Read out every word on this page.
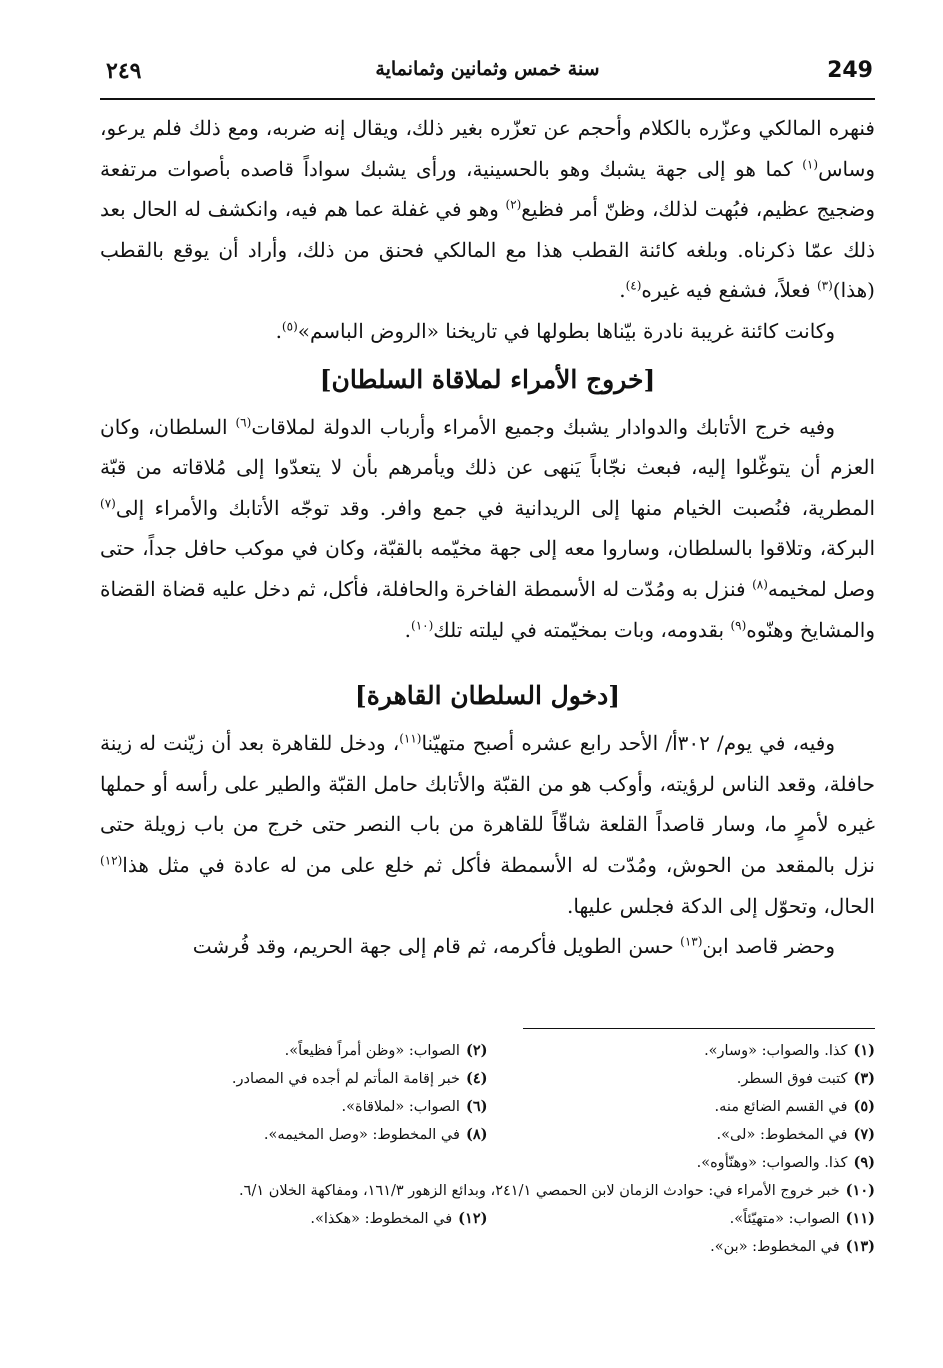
٢٤٩	سنة خمس وثمانين وثمانماية	249

فنهره المالكي وعزّره بالكلام وأحجم عن تعزّره بغير ذلك، ويقال إنه ضربه، ومع ذلك فلم يرعو، وساس$^{(١)}$ كما هو إلى جهة يشبك وهو بالحسينية، ورأى يشبك سواداً قاصده بأصوات مرتفعة وضجيج عظيم، فبُهت لذلك، وظنّ أمر فظيع$^{(٢)}$ وهو في غفلة عما هم فيه، وانكشف له الحال بعد ذلك عمّا ذكرناه. وبلغه كائنة القطب هذا مع المالكي فحنق من ذلك، وأراد أن يوقع بالقطب (هذا)$^{(٣)}$ فعلاً، فشفع فيه غيره$^{(٤)}$.

وكانت كائنة غريبة نادرة بيّناها بطولها في تاريخنا «الروض الباسم»$^{(٥)}$.

[خروج الأمراء لملاقاة السلطان]

وفيه خرج الأتابك والدوادار يشبك وجميع الأمراء وأرباب الدولة لملاقات$^{(٦)}$ السلطان، وكان العزم أن يتوغّلوا إليه، فبعث نجّاباً يَنهى عن ذلك ويأمرهم بأن لا يتعدّوا إلى مُلاقاته من قبّة المطرية، فنُصبت الخيام منها إلى الريدانية في جمع وافر. وقد توجّه الأتابك والأمراء إلى$^{(٧)}$ البركة، وتلاقوا بالسلطان، وساروا معه إلى جهة مخيّمه بالقبّة، وكان في موكب حافل جداً، حتى وصل لمخيمه$^{(٨)}$ فنزل به ومُدّت له الأسمطة الفاخرة والحافلة، فأكل، ثم دخل عليه قضاة القضاة والمشايخ وهنّوه$^{(٩)}$ بقدومه، وبات بمخيّمته في ليلته تلك$^{(١٠)}$.

[دخول السلطان القاهرة]

وفيه، في يوم/ ٣٠٢أ/ الأحد رابع عشره أصبح متهيّنا$^{(١١)}$، ودخل للقاهرة بعد أن زيّنت له زينة حافلة، وقعد الناس لرؤيته، وأوكب هو من القبّة والأتابك حامل القبّة والطير على رأسه أو حملها غيره لأمرٍ ما، وسار قاصداً القلعة شاقّاً للقاهرة من باب النصر حتى خرج من باب زويلة حتى نزل بالمقعد من الحوش، ومُدّت له الأسمطة فأكل ثم خلع على من له عادة في مثل هذا$^{(١٢)}$ الحال، وتحوّل إلى الدكة فجلس عليها.

وحضر قاصد ابن$^{(١٣)}$ حسن الطويل فأكرمه، ثم قام إلى جهة الحريم، وقد فُرشت

(١)كذا. والصواب: «وسار».
(٢)الصواب: «وظن أمراً فظيعاً».
(٣)كتبت فوق السطر.
(٤)خبر إقامة المأتم لم أجده في المصادر.
(٥)في القسم الضائع منه.
(٦)الصواب: «لملاقاة».
(٧)في المخطوط: «لى».
(٨)في المخطوط: «وصل المخيمه».
(٩)كذا. والصواب: «وهنّأوه».
(١٠)خبر خروج الأمراء في: حوادث الزمان لابن الحمصي ٢٤١/١، وبدائع الزهور ١٦١/٣، ومفاكهة الخلان ٦/١.
(١١)الصواب: «متهيّئاً».
(١٢)في المخطوط: «هكذا».
(١٣)في المخطوط: «بن».
